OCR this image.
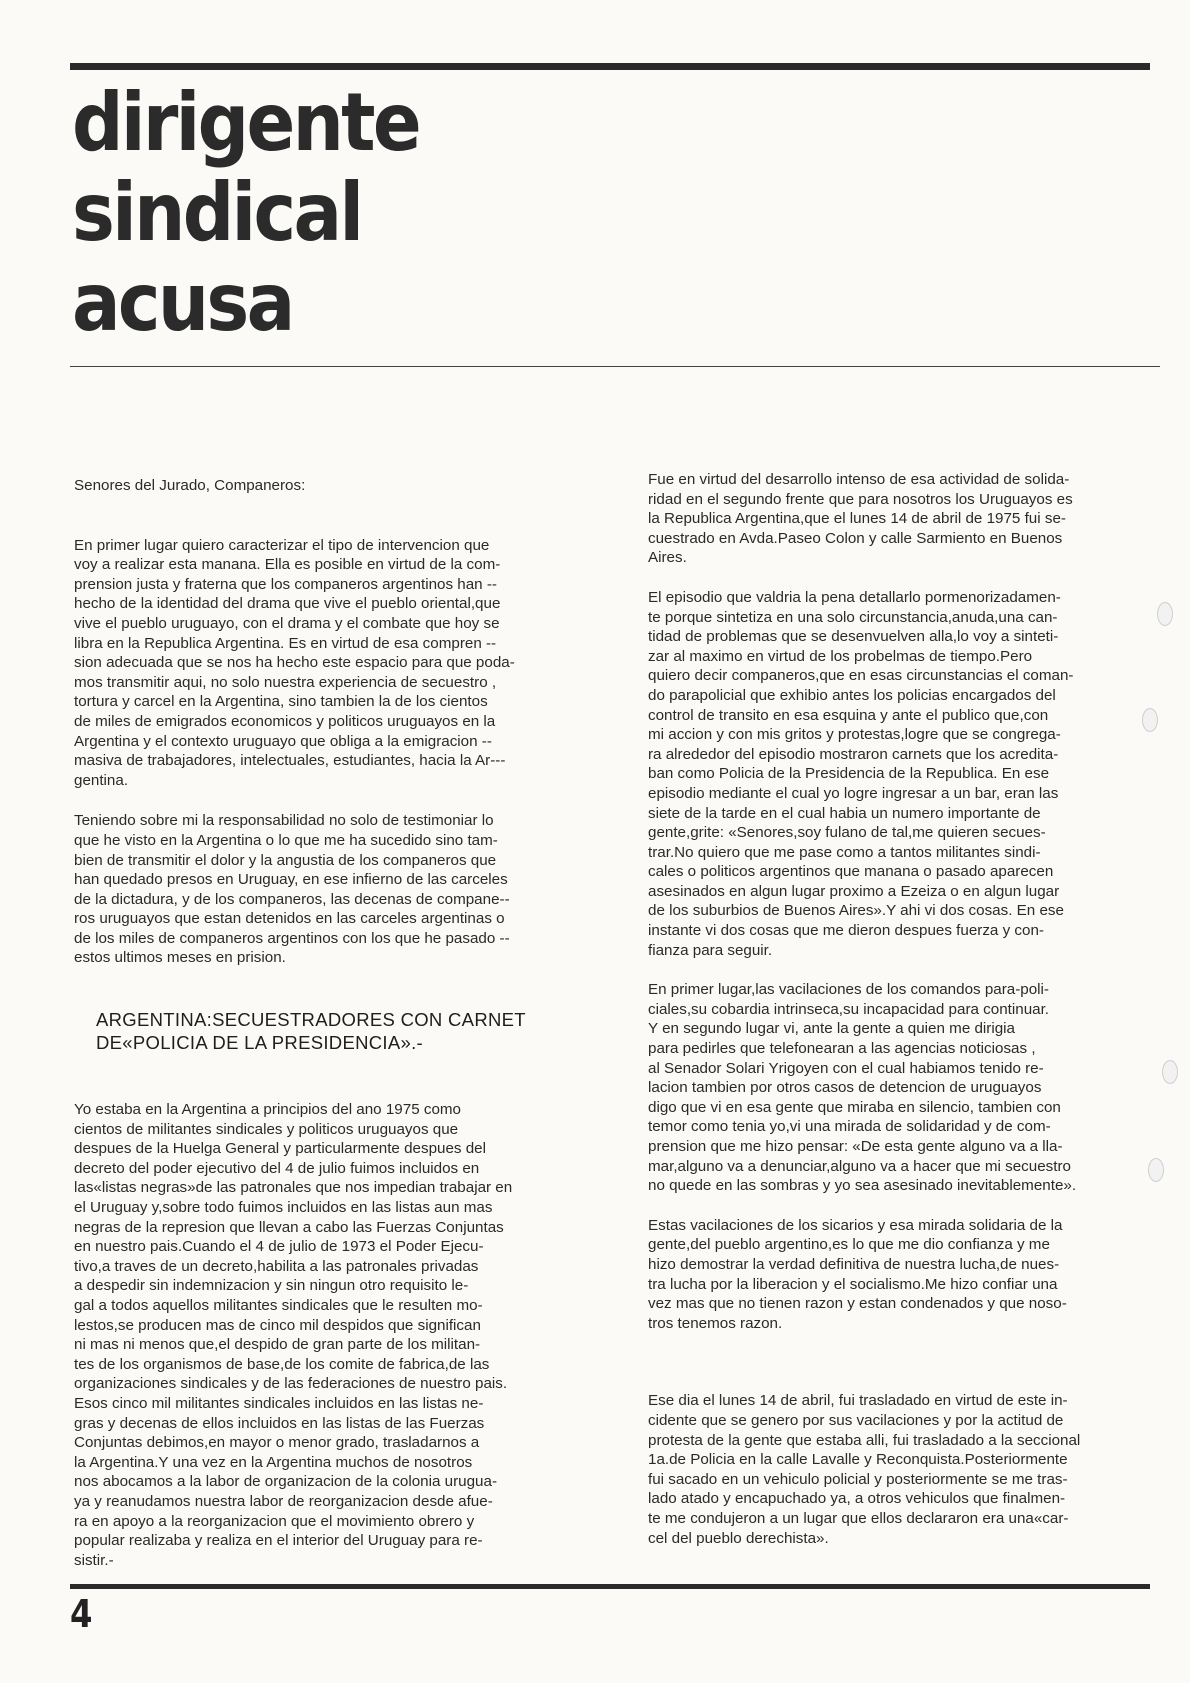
dirigente
sindical
acusa

Senores del Jurado, Companeros:

En primer lugar quiero caracterizar el tipo de intervencion que
voy a realizar esta manana. Ella es posible en virtud de la com-
prension justa y fraterna que los companeros argentinos han --
hecho de la identidad del drama que vive el pueblo oriental,que
vive el pueblo uruguayo, con el drama y el combate que hoy se
libra en la Republica Argentina. Es en virtud de esa compren --
sion adecuada que se nos ha hecho este espacio para que poda-
mos transmitir aqui, no solo nuestra experiencia de secuestro ,
tortura y carcel en la Argentina, sino tambien la de los cientos
de miles de emigrados economicos y politicos uruguayos en la
Argentina y el contexto uruguayo que obliga a la emigracion --
masiva de trabajadores, intelectuales, estudiantes, hacia la Ar---
gentina.

Teniendo sobre mi la responsabilidad no solo de testimoniar lo
que he visto en la Argentina o lo que me ha sucedido sino tam-
bien de transmitir el dolor y la angustia de los companeros que
han quedado presos en Uruguay, en ese infierno de las carceles
de la dictadura, y de los companeros, las decenas de compane--
ros uruguayos que estan detenidos en las carceles argentinas o
de los miles de companeros argentinos con los que he pasado --
estos ultimos meses en prision.

ARGENTINA:SECUESTRADORES CON CARNET
DE«POLICIA DE LA PRESIDENCIA».-

Yo estaba en la Argentina a principios del ano 1975 como
cientos de militantes sindicales y politicos uruguayos que
despues de la Huelga General y particularmente despues del
decreto del poder ejecutivo del 4 de julio fuimos incluidos en
las«listas negras»de las patronales que nos impedian trabajar en
el Uruguay y,sobre todo fuimos incluidos en las listas aun mas
negras de la represion que llevan a cabo las Fuerzas Conjuntas
en nuestro pais.Cuando el 4 de julio de 1973 el Poder Ejecu-
tivo,a traves de un decreto,habilita a las patronales privadas
a despedir sin indemnizacion y sin ningun otro requisito le-
gal a todos aquellos militantes sindicales que le resulten mo-
lestos,se producen mas de cinco mil despidos que significan
ni mas ni menos que,el despido de gran parte de los militan-
tes de los organismos de base,de los comite de fabrica,de las
organizaciones sindicales y de las federaciones de nuestro pais.
Esos cinco mil militantes sindicales incluidos en las listas ne-
gras y decenas de ellos incluidos en las listas de las Fuerzas
Conjuntas debimos,en mayor o menor grado, trasladarnos a
la Argentina.Y una vez en la Argentina muchos de nosotros
nos abocamos a la labor de organizacion de la colonia urugua-
ya y reanudamos nuestra labor de reorganizacion desde afue-
ra en apoyo a la reorganizacion que el movimiento obrero y
popular realizaba y realiza en el interior del Uruguay para re-
sistir.-

Fue en virtud del desarrollo intenso de esa actividad de solida-
ridad en el segundo frente que para nosotros los Uruguayos es
la Republica Argentina,que el lunes 14 de abril de 1975 fui se-
cuestrado en Avda.Paseo Colon y calle Sarmiento en Buenos
Aires.

El episodio que valdria la pena detallarlo pormenorizadamen-
te porque sintetiza en una solo circunstancia,anuda,una can-
tidad de problemas que se desenvuelven alla,lo voy a sinteti-
zar al maximo en virtud de los probelmas de tiempo.Pero
quiero decir companeros,que en esas circunstancias el coman-
do parapolicial que exhibio antes los policias encargados del
control de transito en esa esquina y ante el publico que,con
mi accion y con mis gritos y protestas,logre que se congrega-
ra alrededor del episodio mostraron carnets que los acredita-
ban como Policia de la Presidencia de la Republica. En ese
episodio mediante el cual yo logre ingresar a un bar, eran las
siete de la tarde en el cual habia un numero importante de
gente,grite: «Senores,soy fulano de tal,me quieren secues-
trar.No quiero que me pase como a tantos militantes sindi-
cales o politicos argentinos que manana o pasado aparecen
asesinados en algun lugar proximo a Ezeiza o en algun lugar
de los suburbios de Buenos Aires».Y ahi vi dos cosas. En ese
instante vi dos cosas que me dieron despues fuerza y con-
fianza para seguir.

En primer lugar,las vacilaciones de los comandos para-poli-
ciales,su cobardia intrinseca,su incapacidad para continuar.
Y en segundo lugar vi, ante la gente a quien me dirigia
para pedirles que telefonearan a las agencias noticiosas ,
al Senador Solari Yrigoyen con el cual habiamos tenido re-
lacion tambien por otros casos de detencion de uruguayos
digo que vi en esa gente que miraba en silencio, tambien con
temor como tenia yo,vi una mirada de solidaridad y de com-
prension que me hizo pensar: «De esta gente alguno va a lla-
mar,alguno va a denunciar,alguno va a hacer que mi secuestro
no quede en las sombras y yo sea asesinado inevitablemente».

Estas vacilaciones de los sicarios y esa mirada solidaria de la
gente,del pueblo argentino,es lo que me dio confianza y me
hizo demostrar la verdad definitiva de nuestra lucha,de nues-
tra lucha por la liberacion y el socialismo.Me hizo confiar una
vez mas que no tienen razon y estan condenados y que noso-
tros tenemos razon.

Ese dia el lunes 14 de abril, fui trasladado en virtud de este in-
cidente que se genero por sus vacilaciones y por la actitud de
protesta de la gente que estaba alli, fui trasladado a la seccional
1a.de Policia en la calle Lavalle y Reconquista.Posteriormente
fui sacado en un vehiculo policial y posteriormente se me tras-
lado atado y encapuchado ya, a otros vehiculos que finalmen-
te me condujeron a un lugar que ellos declararon era una«car-
cel del pueblo derechista».

4
